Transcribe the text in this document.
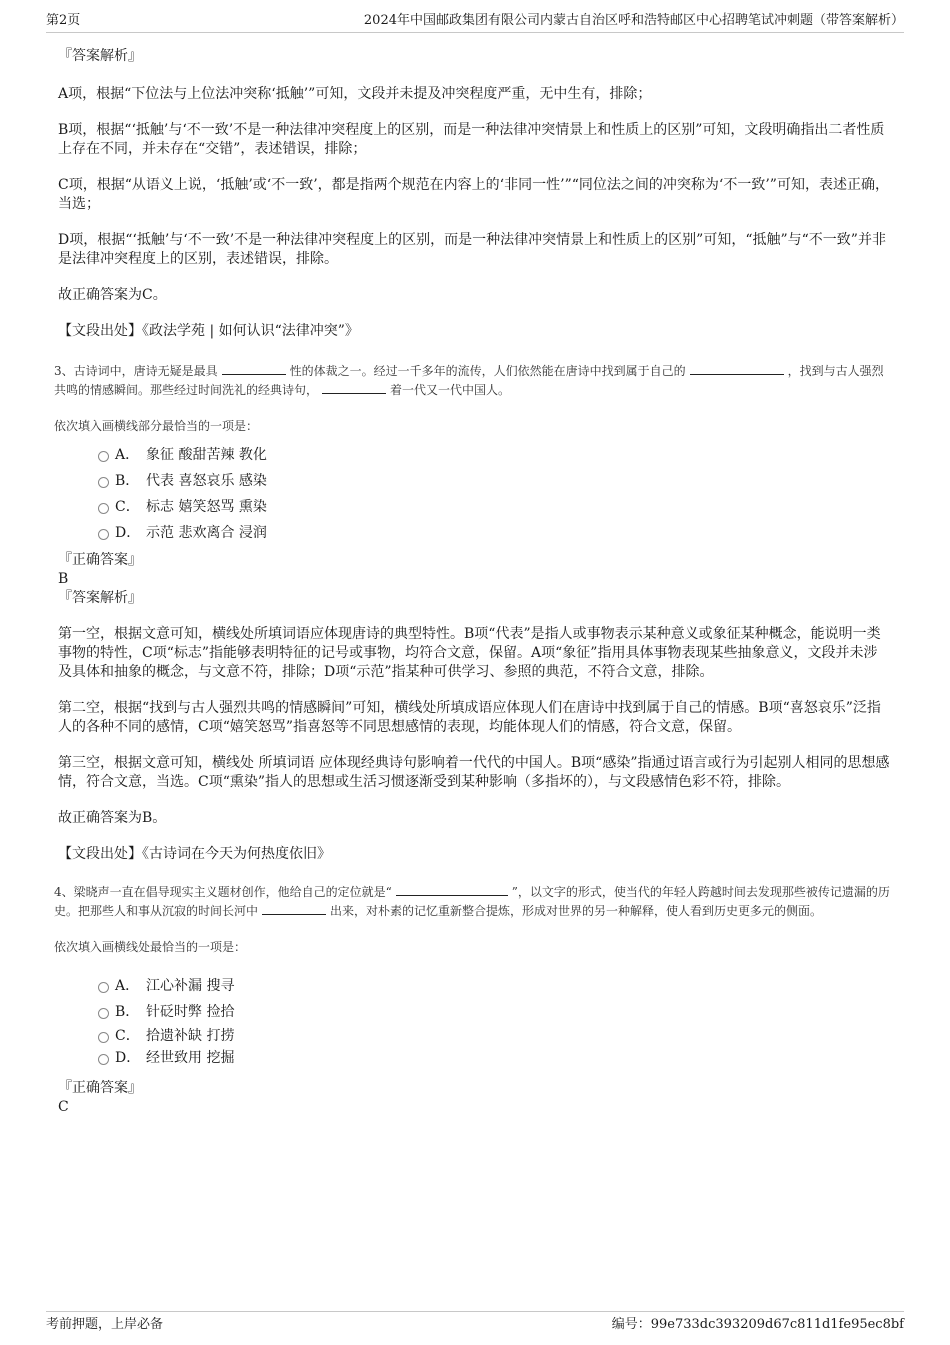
第2页	2024年中国邮政集团有限公司内蒙古自治区呼和浩特邮区中心招聘笔试冲刺题（带答案解析）
『答案解析』

A项，根据“下位法与上位法冲突称‘抵触’”可知，文段并未提及冲突程度严重，无中生有，排除；

B项，根据“‘抵触’与‘不一致’不是一种法律冲突程度上的区别，而是一种法律冲突情景上和性质上的区别”可知，文段明确指出二者性质上存在不同，并未存在“交错”，表述错误，排除；

C项，根据“从语义上说，‘抵触’或‘不一致’，都是指两个规范在内容上的‘非同一性’”“同位法之间的冲突称为‘不一致’”可知，表述正确，当选；

D项，根据“‘抵触’与‘不一致’不是一种法律冲突程度上的区别，而是一种法律冲突情景上和性质上的区别”可知，“抵触”与“不一致”并非是法律冲突程度上的区别，表述错误，排除。

故正确答案为C。

【文段出处】《政法学苑 | 如何认识“法律冲突”》

3、古诗词中，唐诗无疑是最具	性的体裁之一。经过一千多年的流传，人们依然能在唐诗中找到属于自己的	，找到与古人强烈共鸣的情感瞬间。那些经过时间洗礼的经典诗句，	着一代又一代中国人。

依次填入画横线部分最恰当的一项是：

A． 象征 酸甜苦辣 教化
B． 代表 喜怒哀乐 感染
C． 标志 嬉笑怒骂 熏染
D． 示范 悲欢离合 浸润
『正确答案』
B
『答案解析』

第一空，根据文意可知，横线处所填词语应体现唐诗的典型特性。B项“代表”是指人或事物表示某种意义或象征某种概念，能说明一类事物的特性，C项“标志”指能够表明特征的记号或事物，均符合文意，保留。A项“象征”指用具体事物表现某些抽象意义，文段并未涉及具体和抽象的概念，与文意不符，排除；D项“示范”指某种可供学习、参照的典范，不符合文意，排除。

第二空，根据“找到与古人强烈共鸣的情感瞬间”可知，横线处所填成语应体现人们在唐诗中找到属于自己的情感。B项“喜怒哀乐”泛指人的各种不同的感情，C项“嬉笑怒骂”指喜怒等不同思想感情的表现，均能体现人们的情感，符合文意，保留。

第三空，根据文意可知，横线处 所填词语 应体现经典诗句影响着一代代的中国人。B项“感染”指通过语言或行为引起别人相同的思想感情，符合文意，当选。C项“熏染”指人的思想或生活习惯逐渐受到某种影响（多指坏的），与文段感情色彩不符，排除。

故正确答案为B。

【文段出处】《古诗词在今天为何热度依旧》

4、梁晓声一直在倡导现实主义题材创作，他给自己的定位就是“	”，以文字的形式，使当代的年轻人跨越时间去发现那些被传记遗漏的历史。把那些人和事从沉寂的时间长河中	出来，对朴素的记忆重新整合提炼，形成对世界的另一种解释，使人看到历史更多元的侧面。

依次填入画横线处最恰当的一项是：

A． 江心补漏 搜寻
B． 针砭时弊 捡拾
C． 拾遗补缺 打捞
D． 经世致用 挖掘
『正确答案』
C
考前押题，上岸必备	编号：99e733dc393209d67c811d1fe95ec8bf
